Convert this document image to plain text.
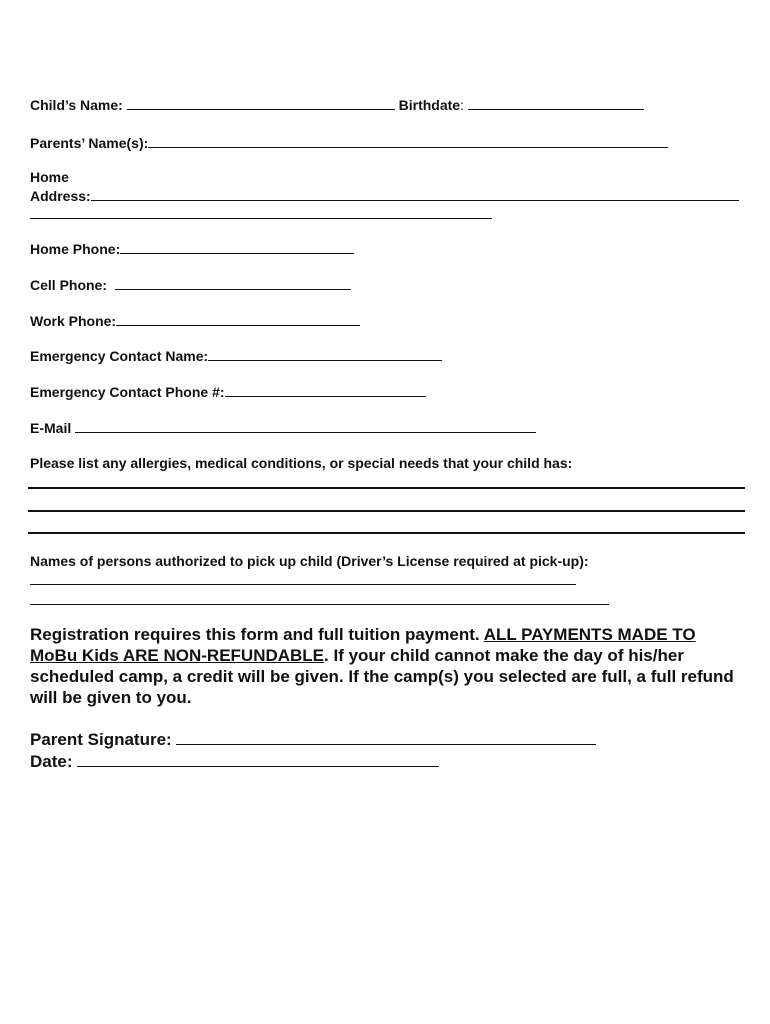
Child’s Name:	Birthdate:
Parents’ Name(s):
Home
Address:
Home Phone:
Cell Phone:
Work Phone:
Emergency Contact Name:
Emergency Contact Phone #:
E-Mail
Please list any allergies, medical conditions, or special needs that your child has:
Names of persons authorized to pick up child (Driver’s License required at pick-up):
Registration requires this form and full tuition payment. ALL PAYMENTS MADE TO MoBu Kids ARE NON-REFUNDABLE. If your child cannot make the day of his/her scheduled camp, a credit will be given. If the camp(s) you selected are full, a full refund will be given to you.
Parent Signature:
Date:
